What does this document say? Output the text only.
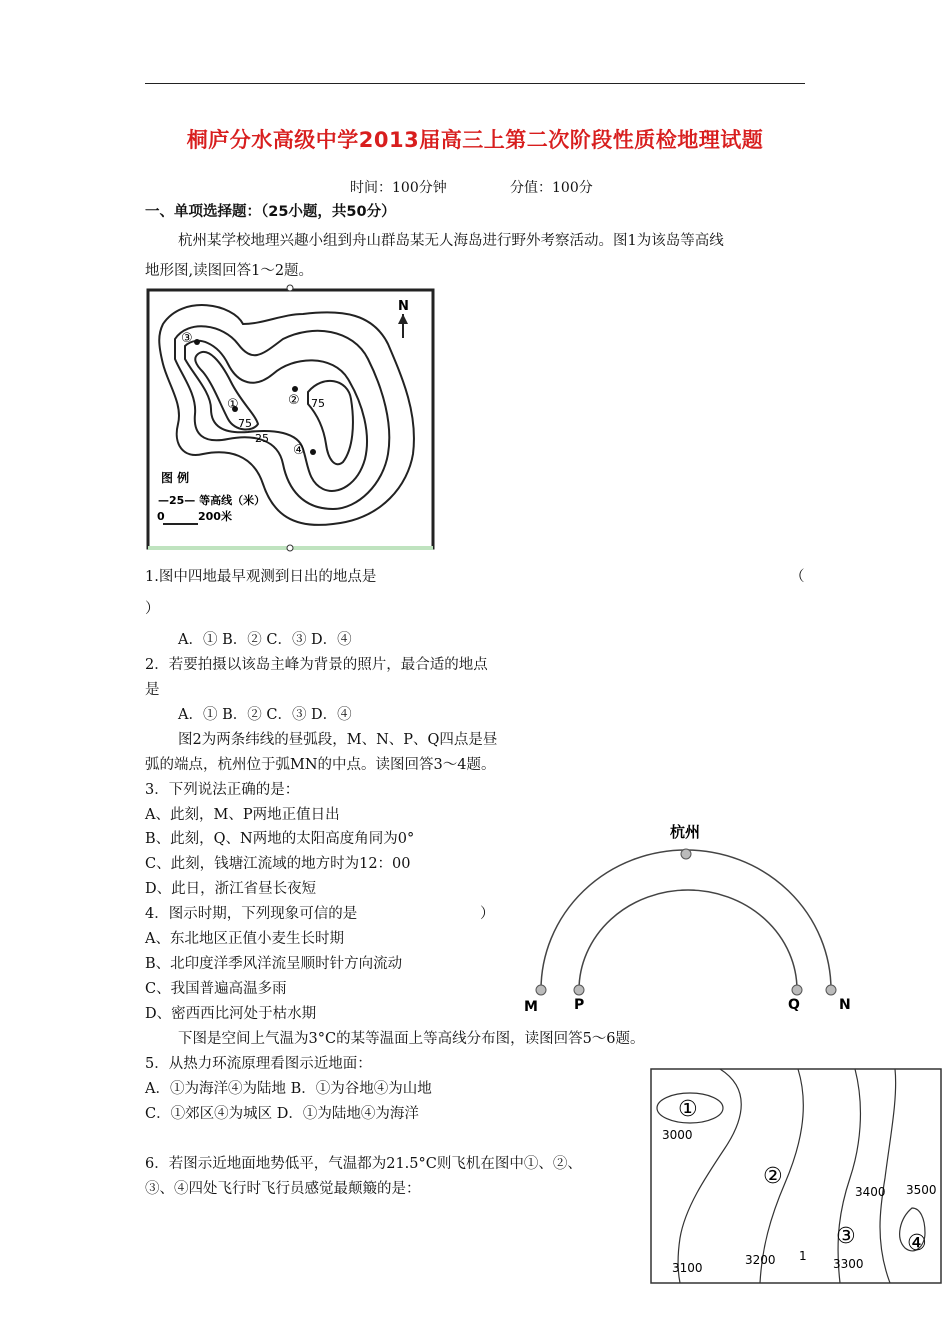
桐庐分水高级中学2013届高三上第二次阶段性质检地理试题
时间：100分钟	分值：100分
一、单项选择题：（25小题，共50分）
杭州某学校地理兴趣小组到舟山群岛某无人海岛进行野外考察活动。图1为该岛等高线
地形图,读图回答1～2题。
N
③
①	②
④
75
75
25
图 例
—25— 等高线（米）
0	200米
1.图中四地最早观测到日出的地点是	（
）
A．① B．② C．③ D．④
2．若要拍摄以该岛主峰为背景的照片，最合适的地点
是
A．① B．② C．③ D．④
图2为两条纬线的昼弧段，M、N、P、Q四点是昼
弧的端点，杭州位于弧MN的中点。读图回答3～4题。
3．下列说法正确的是：
A、此刻，M、P两地正值日出
B、此刻，Q、N两地的太阳高度角同为0°
C、此刻，钱塘江流域的地方时为12：00
D、此日，浙江省昼长夜短
4．图示时期，下列现象可信的是	）
A、东北地区正值小麦生长时期
B、北印度洋季风洋流呈顺时针方向流动
C、我国普遍高温多雨
D、密西西比河处于枯水期
杭州
M	P	Q	N
下图是空间上气温为3°C的某等温面上等高线分布图，读图回答5～6题。
5．从热力环流原理看图示近地面：
A．①为海洋④为陆地 B．①为谷地④为山地
C．①郊区④为城区 D．①为陆地④为海洋
6．若图示近地面地势低平，气温都为21.5°C则飞机在图中①、②、
③、④四处飞行时飞行员感觉最颠簸的是：
①
②
③ ④
3000
3100
3200	3300
3400 3500
1
